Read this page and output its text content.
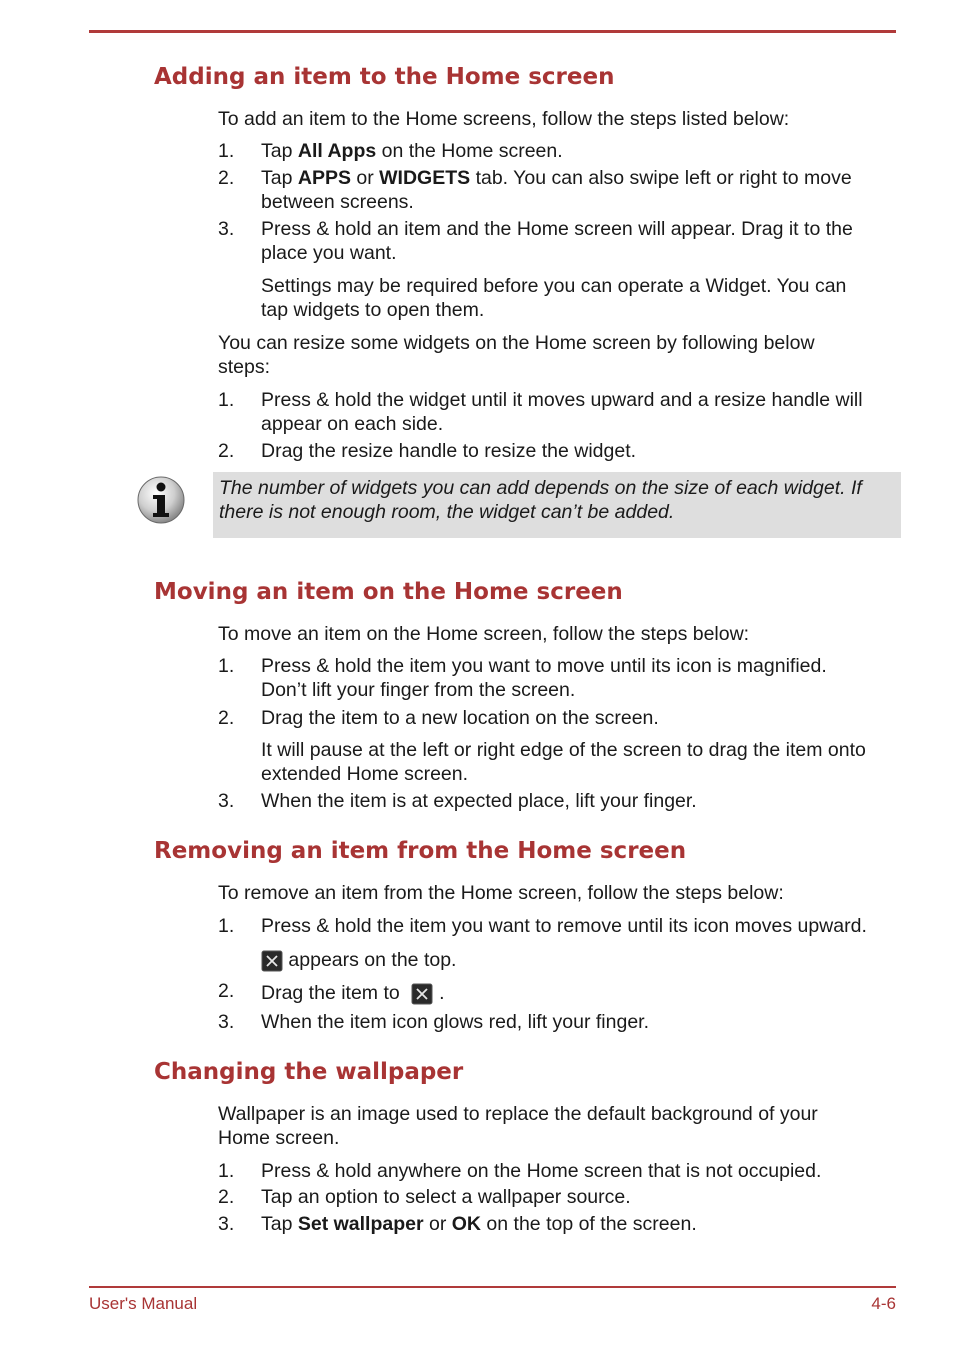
Adding an item to the Home screen
To add an item to the Home screens, follow the steps listed below:
1. Tap All Apps on the Home screen.
2. Tap APPS or WIDGETS tab. You can also swipe left or right to move
between screens.
3. Press & hold an item and the Home screen will appear. Drag it to the
place you want.
Settings may be required before you can operate a Widget. You can
tap widgets to open them.
You can resize some widgets on the Home screen by following below
steps:
1. Press & hold the widget until it moves upward and a resize handle will
appear on each side.
2. Drag the resize handle to resize the widget.
The number of widgets you can add depends on the size of each widget. If
there is not enough room, the widget can’t be added.
Moving an item on the Home screen
To move an item on the Home screen, follow the steps below:
1. Press & hold the item you want to move until its icon is magnified.
Don’t lift your finger from the screen.
2. Drag the item to a new location on the screen.
It will pause at the left or right edge of the screen to drag the item onto
extended Home screen.
3. When the item is at expected place, lift your finger.
Removing an item from the Home screen
To remove an item from the Home screen, follow the steps below:
1. Press & hold the item you want to remove until its icon moves upward.
appears on the top.
2. Drag the item to .
3. When the item icon glows red, lift your finger.
Changing the wallpaper
Wallpaper is an image used to replace the default background of your
Home screen.
1. Press & hold anywhere on the Home screen that is not occupied.
2. Tap an option to select a wallpaper source.
3. Tap Set wallpaper or OK on the top of the screen.
User's Manual	4-6
